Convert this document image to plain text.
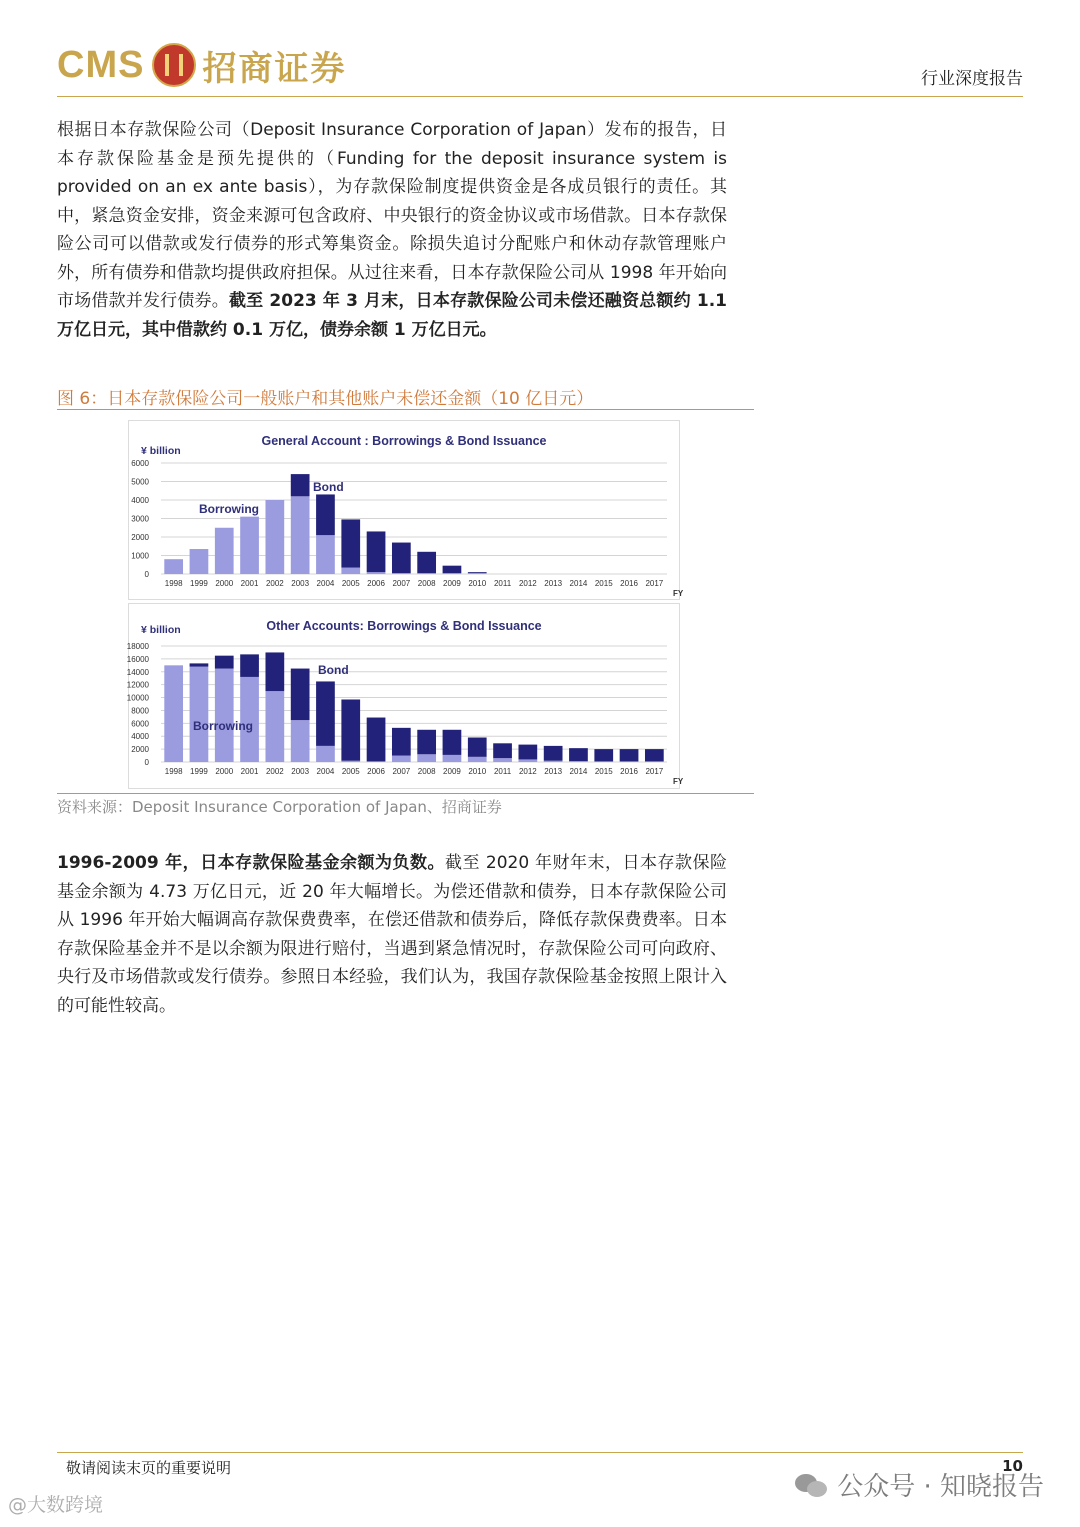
CMS 招商证券	行业深度报告

根据日本存款保险公司（Deposit Insurance Corporation of Japan）发布的报告，日本存款保险基金是预先提供的（Funding for the deposit insurance system is provided on an ex ante basis），为存款保险制度提供资金是各成员银行的责任。其中，紧急资金安排，资金来源可包含政府、中央银行的资金协议或市场借款。日本存款保险公司可以借款或发行债券的形式筹集资金。除损失追讨分配账户和休动存款管理账户外，所有债券和借款均提供政府担保。从过往来看，日本存款保险公司从 1998 年开始向市场借款并发行债券。截至 2023 年 3 月末，日本存款保险公司未偿还融资总额约 1.1 万亿日元，其中借款约 0.1 万亿，债券余额 1 万亿日元。

图 6：日本存款保险公司一般账户和其他账户未偿还金额（10 亿日元）
General Account : Borrowings & Bond Issuance
¥ billion
0
1000
2000
3000
4000
5000
6000
1998 1999 2000 2001 2002 2003 2004 2005 2006 2007 2008 2009 2010 2011 2012 2013 2014 2015 2016 2017
FY
Borrowing
Bond
Other Accounts: Borrowings & Bond Issuance
¥ billion
0
2000
4000
6000
8000
10000
12000
14000
16000
18000
1998 1999 2000 2001 2002 2003 2004 2005 2006 2007 2008 2009 2010 2011 2012 2013 2014 2015 2016 2017
FY
Borrowing
Bond
资料来源：Deposit Insurance Corporation of Japan、招商证券

1996-2009 年，日本存款保险基金余额为负数。截至 2020 年财年末，日本存款保险基金余额为 4.73 万亿日元，近 20 年大幅增长。为偿还借款和债券，日本存款保险公司从 1996 年开始大幅调高存款保费费率，在偿还借款和债券后，降低存款保费费率。日本存款保险基金并不是以余额为限进行赔付，当遇到紧急情况时，存款保险公司可向政府、央行及市场借款或发行债券。参照日本经验，我们认为，我国存款保险基金按照上限计入的可能性较高。

敬请阅读末页的重要说明	10
公众号 · 知晓报告
@大数跨境
